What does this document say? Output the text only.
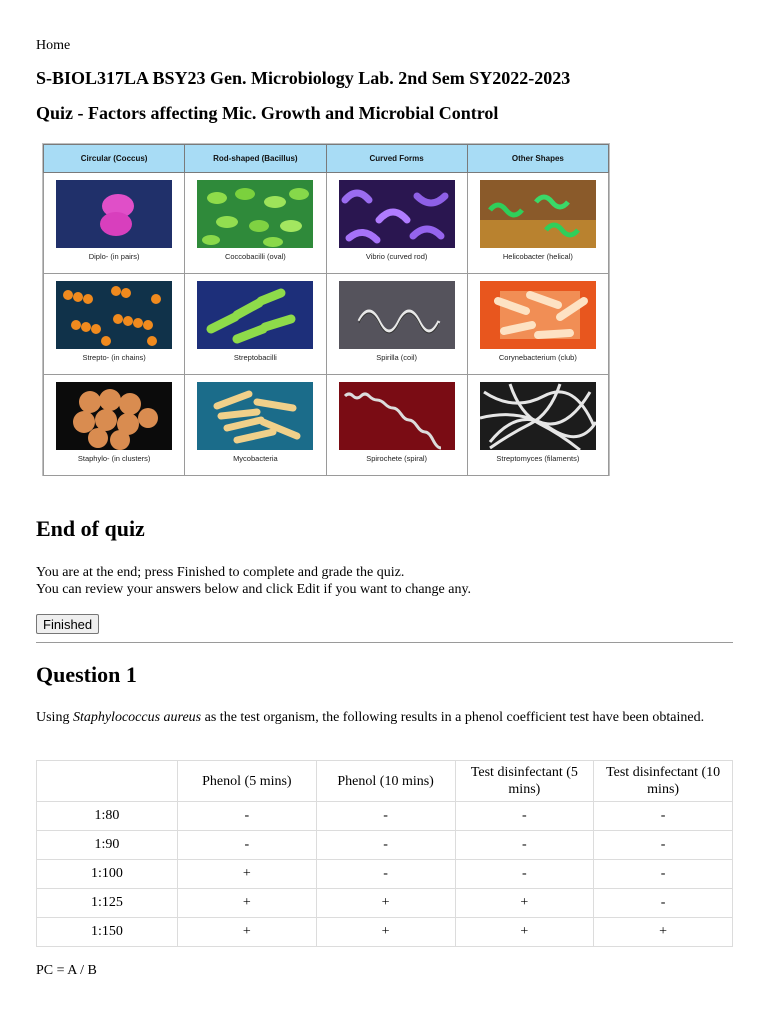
Home
S-BIOL317LA BSY23 Gen. Microbiology Lab. 2nd Sem SY2022-2023
Quiz - Factors affecting Mic. Growth and Microbial Control
Circular (Coccus)	Rod-shaped (Bacillus)	Curved Forms	Other Shapes

Diplo- (in pairs)	Coccobacilli (oval)	Vibrio (curved rod)	Helicobacter (helical)

Strepto- (in chains)	Streptobacilli	Spirilla (coil)	Corynebacterium (club)

Staphylo- (in clusters)	Mycobacteria	Spirochete (spiral)	Streptomyces (filaments)
End of quiz

You are at the end; press Finished to complete and grade the quiz.
You can review your answers below and click Edit if you want to change any.

Finished
Question 1

Using Staphylococcus aureus as the test organism, the following results in a phenol coefficient test have been obtained.

	Phenol (5 mins)	Phenol (10 mins)	Test disinfectant (5 mins)	Test disinfectant (10 mins)
1:80	-	-	-	-
1:90	-	-	-	-
1:100	+	-	-	-
1:125	+	+	+	-
1:150	+	+	+	+
PC = A / B
